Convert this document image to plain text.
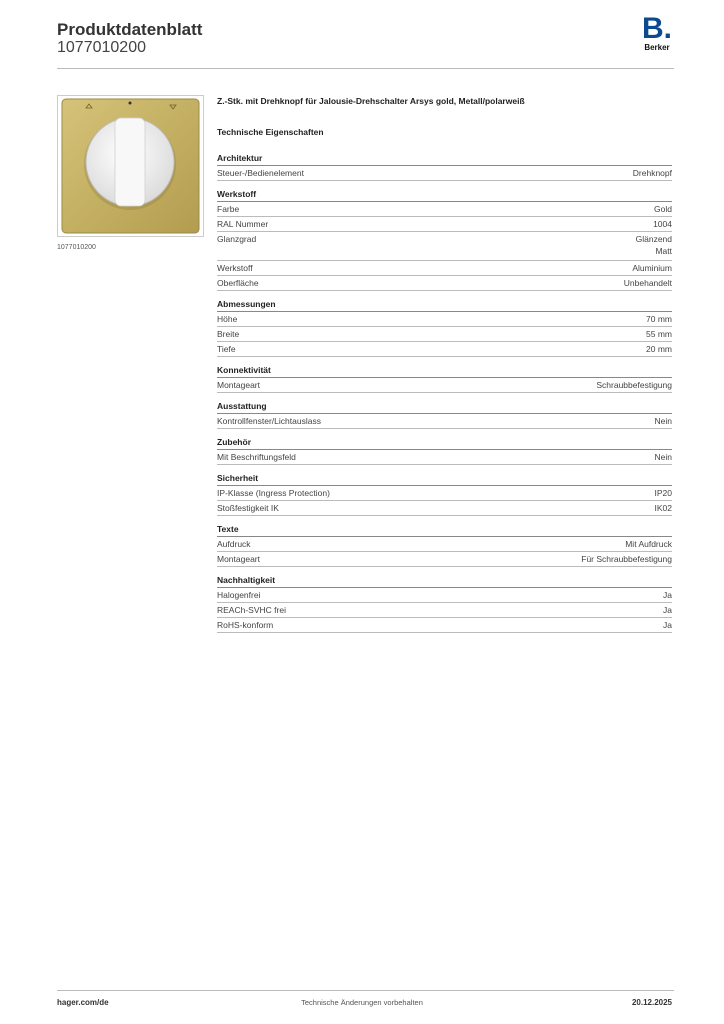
Produktdatenblatt
1077010200
B.
Berker
1077010200
Z.-Stk. mit Drehknopf für Jalousie-Drehschalter Arsys gold, Metall/polarweiß
Technische Eigenschaften
Architektur
Steuer-/Bedienelement	Drehknopf
Werkstoff
Farbe	Gold
RAL Nummer	1004
Glanzgrad	Glänzend
Matt
Werkstoff	Aluminium
Oberfläche	Unbehandelt
Abmessungen
Höhe	70 mm
Breite	55 mm
Tiefe	20 mm
Konnektivität
Montageart	Schraubbefestigung
Ausstattung
Kontrollfenster/Lichtauslass	Nein
Zubehör
Mit Beschriftungsfeld	Nein
Sicherheit
IP-Klasse (Ingress Protection)	IP20
Stoßfestigkeit IK	IK02
Texte
Aufdruck	Mit Aufdruck
Montageart	Für Schraubbefestigung
Nachhaltigkeit
Halogenfrei	Ja
REACh-SVHC frei	Ja
RoHS-konform	Ja
hager.com/de	Technische Änderungen vorbehalten	20.12.2025
